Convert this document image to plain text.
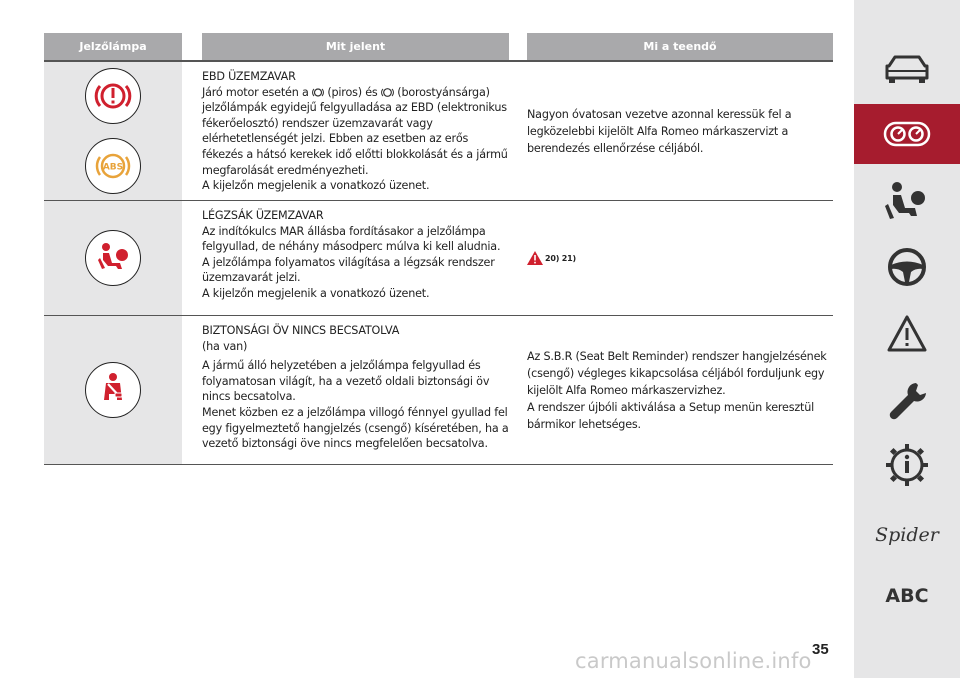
Jelzőlámpa	Mit jelent	Mi a teendő
ABS

EBD ÜZEMZAVAR

Járó motor esetén a (piros) és (borostyánsárga) jelzőlámpák egyidejű felgyulladása az EBD (elektronikus fékerőelosztó) rendszer üzemzavarát vagy elérhetetlenségét jelzi. Ebben az esetben az erős fékezés a hátsó kerekek idő előtti blokkolását és a jármű megfarolását eredményezheti.

A kijelzőn megjelenik a vonatkozó üzenet.

Nagyon óvatosan vezetve azonnal keressük fel a legközelebbi kijelölt Alfa Romeo márkaszervizt a berendezés ellenőrzése céljából.

LÉGZSÁK ÜZEMZAVAR

Az indítókulcs MAR állásba fordításakor a jelzőlámpa felgyullad, de néhány másodperc múlva ki kell aludnia.

A jelzőlámpa folyamatos világítása a légzsák rendszer üzemzavarát jelzi.

A kijelzőn megjelenik a vonatkozó üzenet.

20) 21)

BIZTONSÁGI ÖV NINCS BECSATOLVA

(ha van)

A jármű álló helyzetében a jelzőlámpa felgyullad és folyamatosan világít, ha a vezető oldali biztonsági öv nincs becsatolva.

Menet közben ez a jelzőlámpa villogó fénnyel gyullad fel egy figyelmeztető hangjelzés (csengő) kíséretében, ha a vezető biztonsági öve nincs megfelelően becsatolva.

Az S.B.R (Seat Belt Reminder) rendszer hangjelzésének (csengő) végleges kikapcsolása céljából forduljunk egy kijelölt Alfa Romeo márkaszervizhez.
A rendszer újbóli aktiválása a Setup menün keresztül bármikor lehetséges.
Spider
ABC
35
carmanualsonline.info
